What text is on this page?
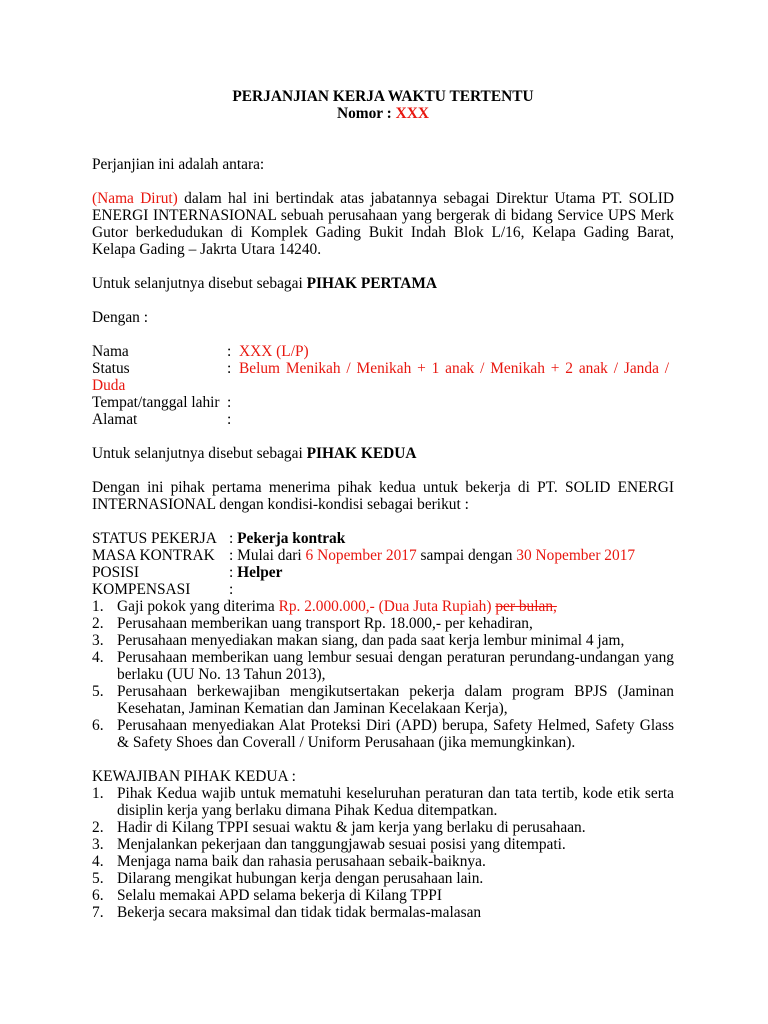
PERJANJIAN KERJA WAKTU TERTENTU
Nomor : XXX

Perjanjian ini adalah antara:

(Nama Dirut) dalam hal ini bertindak atas jabatannya sebagai Direktur Utama PT. SOLID ENERGI INTERNASIONAL sebuah perusahaan yang bergerak di bidang Service UPS Merk Gutor berkedudukan di Komplek Gading Bukit Indah Blok L/16, Kelapa Gading Barat, Kelapa Gading – Jakrta Utara 14240.

Untuk selanjutnya disebut sebagai PIHAK PERTAMA

Dengan :

Nama	: XXX (L/P)
Status	: Belum Menikah / Menikah + 1 anak / Menikah + 2 anak / Janda / Duda
Tempat/tanggal lahir :
Alamat	:

Untuk selanjutnya disebut sebagai PIHAK KEDUA

Dengan ini pihak pertama menerima pihak kedua untuk bekerja di PT. SOLID ENERGI INTERNASIONAL dengan kondisi-kondisi sebagai berikut :

STATUS PEKERJA : Pekerja kontrak
MASA KONTRAK : Mulai dari 6 Nopember 2017 sampai dengan 30 Nopember 2017
POSISI	: Helper
KOMPENSASI	:
1. Gaji pokok yang diterima Rp. 2.000.000,- (Dua Juta Rupiah) per bulan,
2. Perusahaan memberikan uang transport Rp. 18.000,- per kehadiran,
3. Perusahaan menyediakan makan siang, dan pada saat kerja lembur minimal 4 jam,
4. Perusahaan memberikan uang lembur sesuai dengan peraturan perundang-undangan yang berlaku (UU No. 13 Tahun 2013),
5. Perusahaan berkewajiban mengikutsertakan pekerja dalam program BPJS (Jaminan Kesehatan, Jaminan Kematian dan Jaminan Kecelakaan Kerja),
6. Perusahaan menyediakan Alat Proteksi Diri (APD) berupa, Safety Helmed, Safety Glass & Safety Shoes dan Coverall / Uniform Perusahaan (jika memungkinkan).

KEWAJIBAN PIHAK KEDUA :

1. Pihak Kedua wajib untuk mematuhi keseluruhan peraturan dan tata tertib, kode etik serta disiplin kerja yang berlaku dimana Pihak Kedua ditempatkan.
2. Hadir di Kilang TPPI sesuai waktu & jam kerja yang berlaku di perusahaan.
3. Menjalankan pekerjaan dan tanggungjawab sesuai posisi yang ditempati.
4. Menjaga nama baik dan rahasia perusahaan sebaik-baiknya.
5. Dilarang mengikat hubungan kerja dengan perusahaan lain.
6. Selalu memakai APD selama bekerja di Kilang TPPI
7. Bekerja secara maksimal dan tidak tidak bermalas-malasan
